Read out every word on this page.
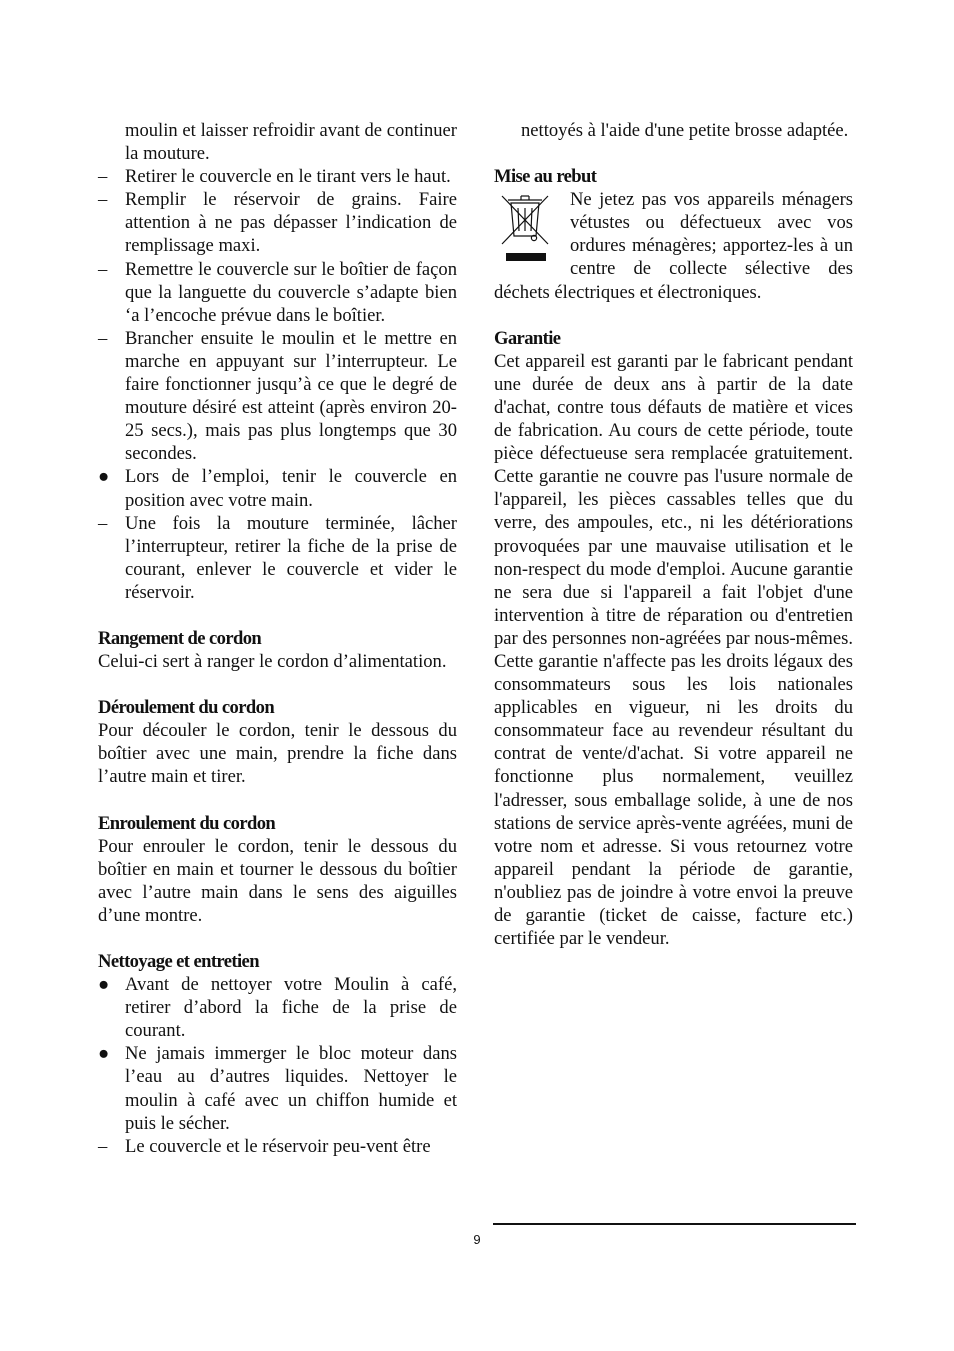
moulin et laisser refroidir avant de continuer la mouture.

– Retirer le couvercle en le tirant vers le haut.
– Remplir le réservoir de grains. Faire attention à ne pas dépasser l’indication de remplissage maxi.
– Remettre le couvercle sur le boîtier de façon que la languette du couvercle s’adapte bien ‘a l’encoche prévue dans le boîtier.
– Brancher ensuite le moulin et le mettre en marche en appuyant sur l’interrupteur. Le faire fonctionner jusqu’à ce que le degré de mouture désiré est atteint (après environ 20-25 secs.), mais pas plus longtemps que 30 secondes.
● Lors de l’emploi, tenir le couvercle en position avec votre main.
– Une fois la mouture terminée, lâcher l’interrupteur, retirer la fiche de la prise de courant, enlever le couvercle et vider le réservoir.
Rangement de cordon

Celui-ci sert à ranger le cordon d’alimentation.

Déroulement du cordon

Pour découler le cordon, tenir le dessous du boîtier avec une main, prendre la fiche dans l’autre main et tirer.

Enroulement du cordon

Pour enrouler le cordon, tenir le dessous du boîtier en main et tourner le dessous du boîtier avec l’autre main dans le sens des aiguilles d’une montre.

Nettoyage et entretien
● Avant de nettoyer votre Moulin à café, retirer d’abord la fiche de la prise de courant.
● Ne jamais immerger le bloc moteur dans l’eau au d’autres liquides. Nettoyer le moulin à café avec un chiffon humide et puis le sécher.
– Le couvercle et le réservoir peu-vent être

nettoyés à l'aide d'une petite brosse adaptée.

Mise au rebut

Ne jetez pas vos appareils ménagers vétustes ou défectueux avec vos ordures ménagères; apportez-les à un centre de collecte sélective des déchets électriques et électroniques.

Garantie

Cet appareil est garanti par le fabricant pendant une durée de deux ans à partir de la date d'achat, contre tous défauts de matière et vices de fabrication. Au cours de cette période, toute pièce défectueuse sera remplacée gratuitement. Cette garantie ne couvre pas l'usure normale de l'appareil, les pièces cassables telles que du verre, des ampoules, etc., ni les détériorations provoquées par une mauvaise utilisation et le non-respect du mode d'emploi. Aucune garantie ne sera due si l'appareil a fait l'objet d'une intervention à titre de réparation ou d'entretien par des personnes non-agréées par nous-mêmes. Cette garantie n'affecte pas les droits légaux des consommateurs sous les lois nationales applicables en vigueur, ni les droits du consommateur face au revendeur résultant du contrat de vente/d'achat. Si votre appareil ne fonctionne plus normalement, veuillez l'adresser, sous emballage solide, à une de nos stations de service après-vente agréées, muni de votre nom et adresse. Si vous retournez votre appareil pendant la période de garantie, n'oubliez pas de joindre à votre envoi la preuve de garantie (ticket de caisse, facture etc.) certifiée par le vendeur.

9
